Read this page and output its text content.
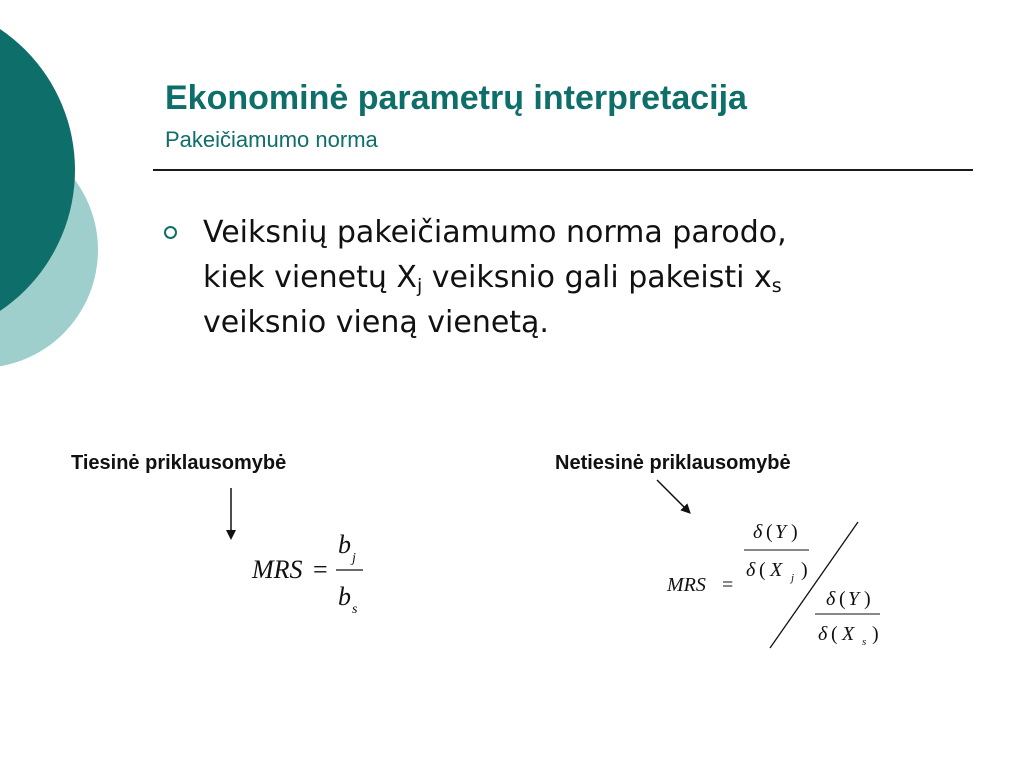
Ekonominė parametrų interpretacija
Pakeičiamumo norma
Veiksnių pakeičiamumo norma parodo,
kiek vienetų $X_j$ veiksnio gali pakeisti $x_s$
veiksnio vieną vienetą.
Tiesinė priklausomybė	Netiesinė priklausomybė
MRS =
b j
b s
MRS =
δ ( Y )
δ ( X j )
δ ( Y )
δ ( X s )
